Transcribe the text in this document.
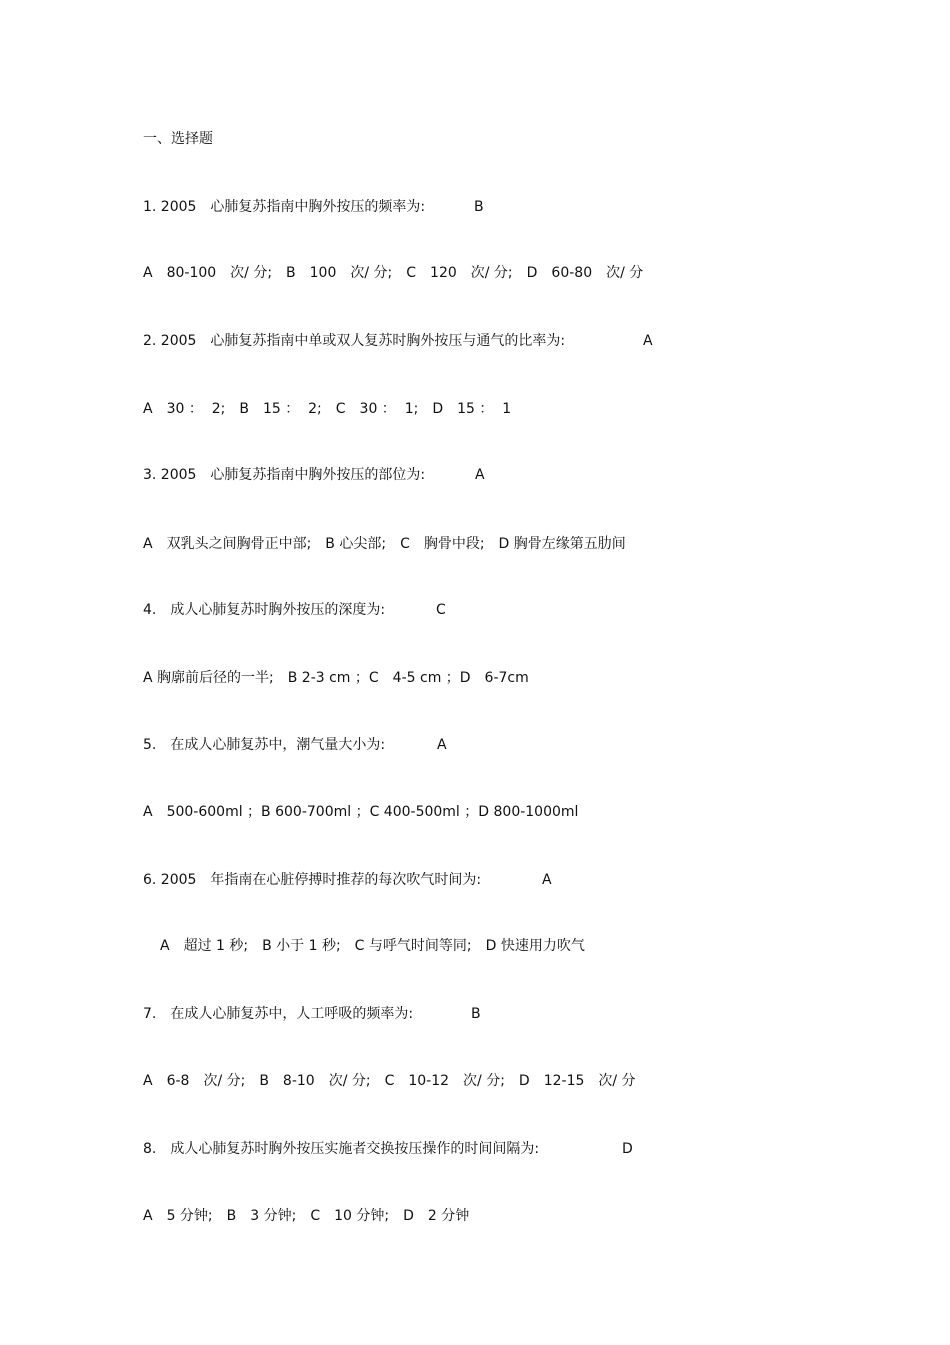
一、选择题
1. 2005　心肺复苏指南中胸外按压的频率为:	B
A　80-100　次/ 分;　B　100　次/ 分;　C　120　次/ 分;　D　60-80　次/ 分
2. 2005　心肺复苏指南中单或双人复苏时胸外按压与通气的比率为:	A
A　30 ：  2;　B　15 ：  2;　C　30 ：  1;　D　15 ：  1
3. 2005　心肺复苏指南中胸外按压的部位为:	A
A　双乳头之间胸骨正中部;　B 心尖部;　C　胸骨中段;　D 胸骨左缘第五肋间
4.　成人心肺复苏时胸外按压的深度为:	C
A 胸廓前后径的一半;　B 2-3 cm ；C　4-5 cm ；D　6-7cm
5.　在成人心肺复苏中，潮气量大小为:	A
A　500-600ml ；B 600-700ml ；C 400-500ml ；D 800-1000ml
6. 2005　年指南在心脏停搏时推荐的每次吹气时间为:	A
A　超过 1 秒;　B 小于 1 秒;　C 与呼气时间等同;　D 快速用力吹气
7.　在成人心肺复苏中，人工呼吸的频率为:	B
A　6-8　次/ 分;　B　8-10　次/ 分;　C　10-12　次/ 分;　D　12-15　次/ 分
8.　成人心肺复苏时胸外按压实施者交换按压操作的时间间隔为:	D
A　5 分钟;　B　3 分钟;　C　10 分钟;　D　2 分钟
